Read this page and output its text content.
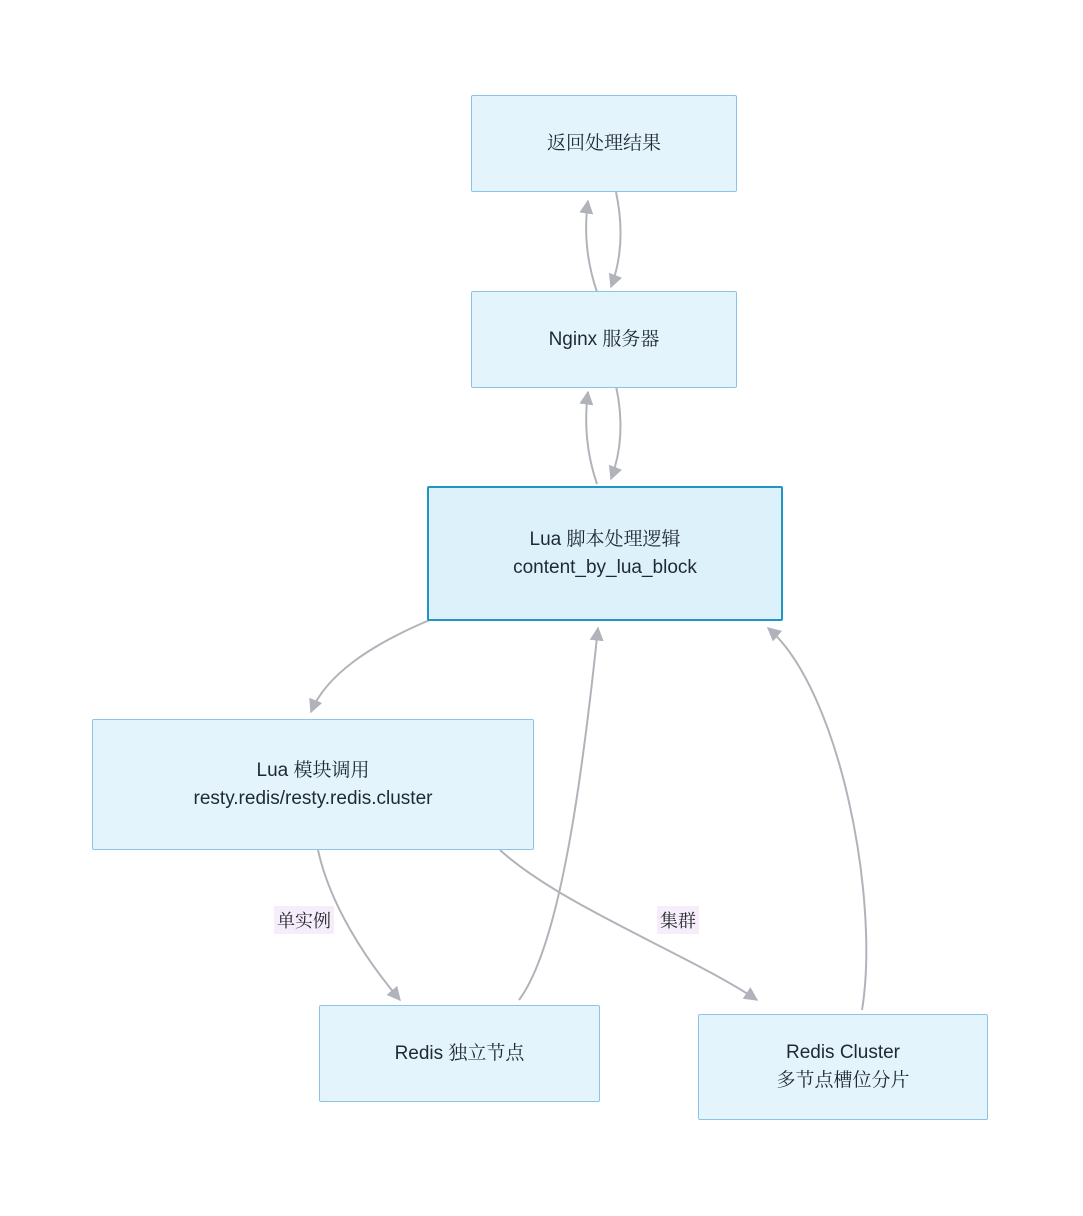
返回处理结果
Nginx 服务器
Lua 脚本处理逻辑
content_by_lua_block
Lua 模块调用
resty.redis/resty.redis.cluster
Redis 独立节点	Redis Cluster
多节点槽位分片
单实例	集群
